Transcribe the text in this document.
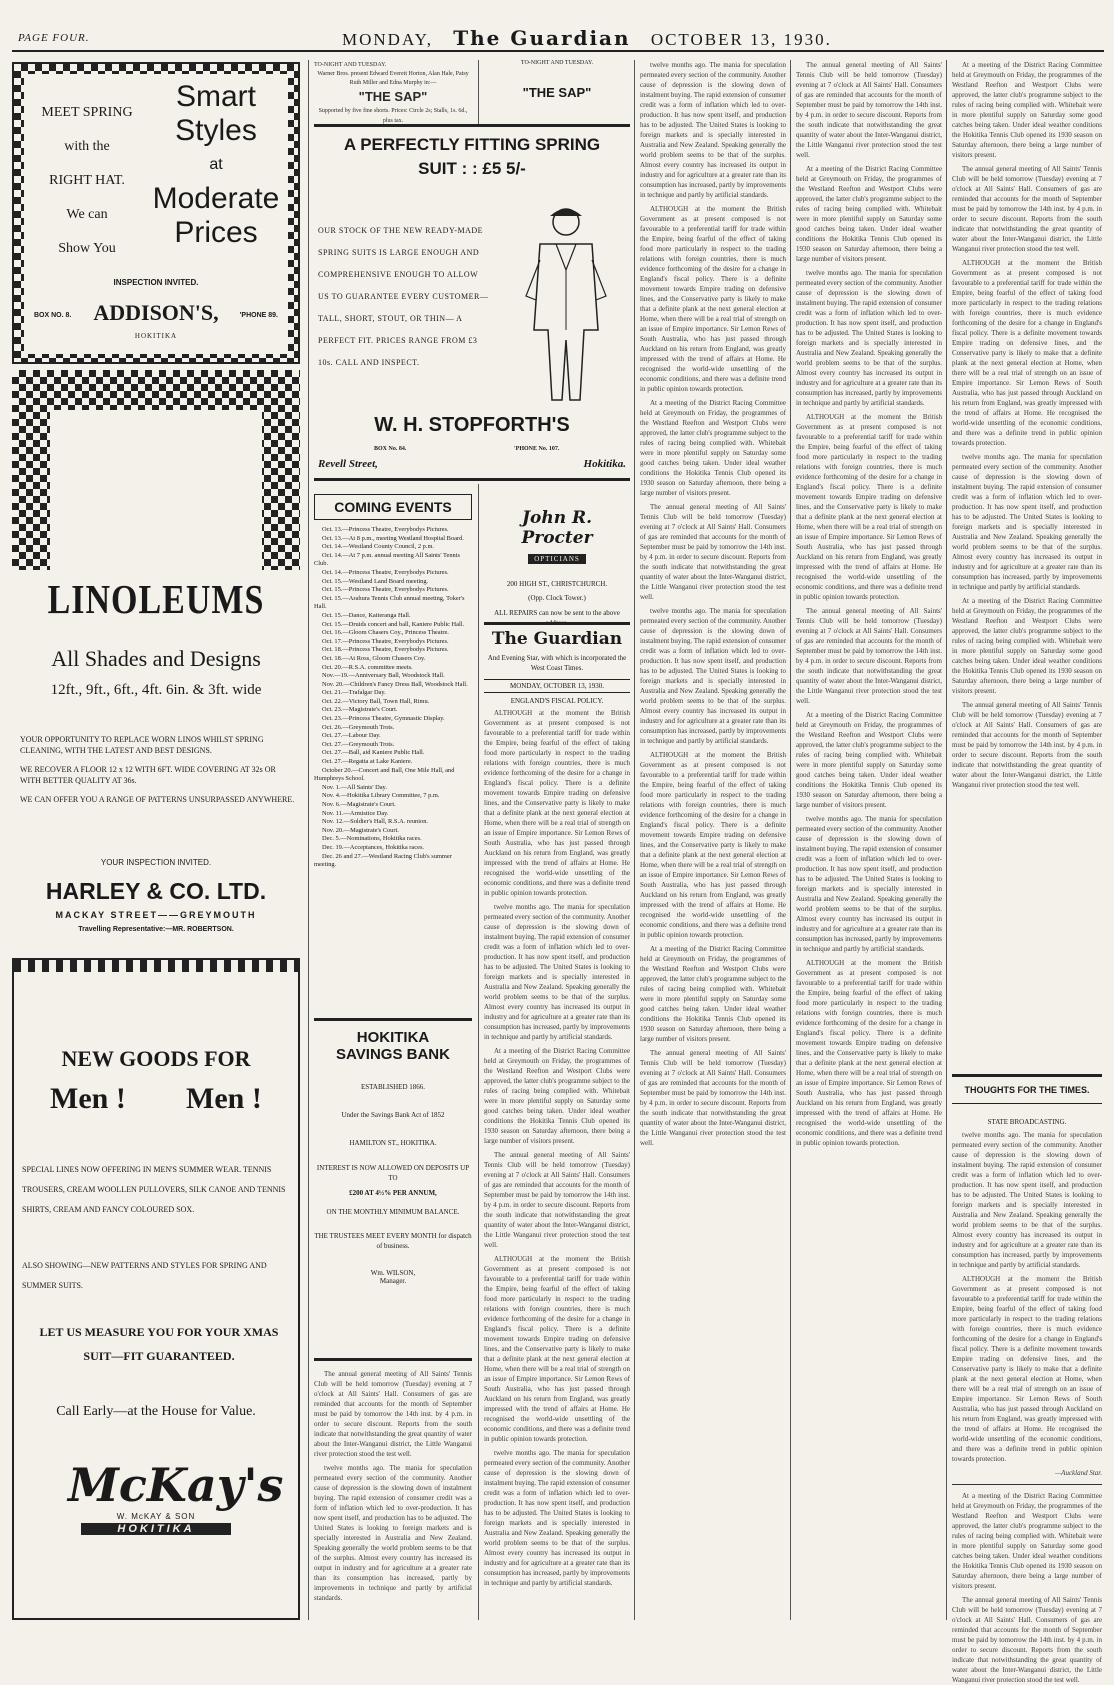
PAGE FOUR.	MONDAY, The Guardian OCTOBER 13, 1930.
MEET SPRING
with the
RIGHT HAT.
We can
Show You
Smart
Styles
at
Moderate
Prices
INSPECTION INVITED.
BOX NO. 8.	ADDISON'S,	'PHONE 89.
HOKITIKA
LINOLEUMS
All Shades and Designs
12ft., 9ft., 6ft., 4ft. 6in. & 3ft. wide

YOUR OPPORTUNITY TO REPLACE WORN LINOS WHILST SPRING CLEANING, WITH THE LATEST AND BEST DESIGNS.

WE RECOVER A FLOOR 12 x 12 WITH 6FT. WIDE COVERING AT 32s OR WITH BETTER QUALITY AT 36s.

WE CAN OFFER YOU A RANGE OF PATTERNS UNSURPASSED ANYWHERE.

YOUR INSPECTION INVITED.
HARLEY & CO. LTD.
MACKAY STREET——GREYMOUTH
Travelling Representative:—MR. ROBERTSON.
NEW GOODS FOR
Men ! Men !
SPECIAL LINES NOW OFFERING IN MEN'S SUMMER WEAR. TENNIS TROUSERS, CREAM WOOLLEN PULLOVERS, SILK CANOE AND TENNIS SHIRTS, CREAM AND FANCY COLOURED SOX.
ALSO SHOWING—NEW PATTERNS AND STYLES FOR SPRING AND SUMMER SUITS.
LET US MEASURE YOU FOR YOUR XMAS SUIT—FIT GUARANTEED.
Call Early—at the House for Value.
McKay's
W. McKAY & SON
HOKITIKA
TO-NIGHT AND TUESDAY.
Warner Bros. present Edward Everett Horton, Alan Hale, Patsy Ruth Miller and Edna Murphy in:—
"THE SAP"
Supported by five fine shorts. Prices: Circle 2s; Stalls, 1s. 6d., plus tax.
TO-NIGHT AND TUESDAY.
"THE SAP"
A PERFECTLY FITTING SPRING
SUIT : : £5 5/-
OUR STOCK OF THE NEW READY-MADE SPRING SUITS IS LARGE ENOUGH AND COMPREHENSIVE ENOUGH TO ALLOW US TO GUARANTEE EVERY CUSTOMER—TALL, SHORT, STOUT, OR THIN— A PERFECT FIT. PRICES RANGE FROM £3 10s. CALL AND INSPECT.
W. H. STOPFORTH'S
BOX No. 84.	'PHONE No. 107.
Revell Street,	Hokitika.
COMING EVENTS
Oct. 13.—Princess Theatre, Everybodys Pictures.
Oct. 13.—At 8 p.m., meeting Westland Hospital Board.
Oct. 14.—Westland County Council, 2 p.m.
Oct. 14.—At 7 p.m. annual meeting All Saints' Tennis Club.
Oct. 14.—Princess Theatre, Everybodys Pictures.
Oct. 15.—Westland Land Board meeting.
Oct. 15.—Princess Theatre, Everybodys Pictures.
Oct. 15.—Arahura Tennis Club annual meeting, Toker's Hall.
Oct. 15.—Dance, Kaiteranga Hall.
Oct. 15.—Druids concert and ball, Kaniere Public Hall.
Oct. 16.—Gloom Chasers Coy., Princess Theatre.
Oct. 17.—Princess Theatre, Everybodys Pictures.
Oct. 18.—Princess Theatre, Everybodys Pictures.
Oct. 18.—At Ross, Gloom Chasers Coy.
Oct. 20.—R.S.A. committee meets.
Nov.—19.—Anniversary Ball, Woodstock Hall.
Nov. 20.—Children's Fancy Dress Ball, Woodstock Hall.
Oct. 21.—Trafalgar Day.
Oct. 22.—Victory Ball, Town Hall, Rimu.
Oct. 23.—Magistrate's Court.
Oct. 23.—Princess Theatre, Gymnastic Display.
Oct. 26.—Greymouth Trots.
Oct. 27.—Labour Day.
Oct. 27.—Greymouth Trots.
Oct. 27.—Ball, aid Kaniere Public Hall.
Oct. 27.—Regatta at Lake Kaniere.
October 20.—Concert and Ball, One Mile Hall, and Humphreys School.
Nov. 1.—All Saints' Day.
Nov. 4.—Hokitika Library Committee, 7 p.m.
Nov. 6.—Magistrate's Court.
Nov. 11.—Armistice Day.
Nov. 12.—Soldier's Hall, R.S.A. reunion.
Nov. 20.—Magistrate's Court.
Dec. 5.—Nominations, Hokitika races.
Dec. 19.—Acceptances, Hokitika races.
Dec. 26 and 27.—Westland Racing Club's summer meeting.
HOKITIKA
SAVINGS BANK
ESTABLISHED 1866.
Under the Savings Bank Act of 1852
HAMILTON ST., HOKITIKA.
INTEREST IS NOW ALLOWED ON DEPOSITS UP TO
£200 AT 4½% PER ANNUM,
ON THE MONTHLY MINIMUM BALANCE.
THE TRUSTEES MEET EVERY MONTH for dispatch of business.
Wm. WILSON,
Manager.

The annual general meeting of All Saints' Tennis Club will be held tomorrow (Tuesday) evening at 7 o'clock at All Saints' Hall. Consumers of gas are reminded that accounts for the month of September must be paid by tomorrow the 14th inst. by 4 p.m. in order to secure discount. Reports from the south indicate that notwithstanding the great quantity of water about the Inter-Wanganui district, the Little Wanganui river protection stood the test well.

twelve months ago. The mania for speculation permeated every section of the community. Another cause of depression is the slowing down of instalment buying. The rapid extension of consumer credit was a form of inflation which led to over-production. It has now spent itself, and production has to be adjusted. The United States is looking to foreign markets and is specially interested in Australia and New Zealand. Speaking generally the world problem seems to be that of the surplus. Almost every country has increased its output in industry and for agriculture at a greater rate than its consumption has increased, partly by improvements in technique and partly by artificial standards.

John R. Procter
OPTICIANS
200 HIGH ST., CHRISTCHURCH.
(Opp. Clock Tower.)
ALL REPAIRS can now be sent to the above address.
The Guardian
And Evening Star, with which is incorporated the West Coast Times.
MONDAY, OCTOBER 13, 1930.
ENGLAND'S FISCAL POLICY.

ALTHOUGH at the moment the British Government as at present composed is not favourable to a preferential tariff for trade within the Empire, being fearful of the effect of taking food more particularly in respect to the trading relations with foreign countries, there is much evidence forthcoming of the desire for a change in England's fiscal policy. There is a definite movement towards Empire trading on defensive lines, and the Conservative party is likely to make that a definite plank at the next general election at Home, when there will be a real trial of strength on an issue of Empire importance. Sir Lemon Rews of South Australia, who has just passed through Auckland on his return from England, was greatly impressed with the trend of affairs at Home. He recognised the world-wide unsettling of the economic conditions, and there was a definite trend in public opinion towards protection.

twelve months ago. The mania for speculation permeated every section of the community. Another cause of depression is the slowing down of instalment buying. The rapid extension of consumer credit was a form of inflation which led to over-production. It has now spent itself, and production has to be adjusted. The United States is looking to foreign markets and is specially interested in Australia and New Zealand. Speaking generally the world problem seems to be that of the surplus. Almost every country has increased its output in industry and for agriculture at a greater rate than its consumption has increased, partly by improvements in technique and partly by artificial standards.

At a meeting of the District Racing Committee held at Greymouth on Friday, the programmes of the Westland Reefton and Westport Clubs were approved, the latter club's programme subject to the rules of racing being complied with. Whitebait were in more plentiful supply on Saturday some good catches being taken. Under ideal weather conditions the Hokitika Tennis Club opened its 1930 season on Saturday afternoon, there being a large number of visitors present.

The annual general meeting of All Saints' Tennis Club will be held tomorrow (Tuesday) evening at 7 o'clock at All Saints' Hall. Consumers of gas are reminded that accounts for the month of September must be paid by tomorrow the 14th inst. by 4 p.m. in order to secure discount. Reports from the south indicate that notwithstanding the great quantity of water about the Inter-Wanganui district, the Little Wanganui river protection stood the test well.

ALTHOUGH at the moment the British Government as at present composed is not favourable to a preferential tariff for trade within the Empire, being fearful of the effect of taking food more particularly in respect to the trading relations with foreign countries, there is much evidence forthcoming of the desire for a change in England's fiscal policy. There is a definite movement towards Empire trading on defensive lines, and the Conservative party is likely to make that a definite plank at the next general election at Home, when there will be a real trial of strength on an issue of Empire importance. Sir Lemon Rews of South Australia, who has just passed through Auckland on his return from England, was greatly impressed with the trend of affairs at Home. He recognised the world-wide unsettling of the economic conditions, and there was a definite trend in public opinion towards protection.

twelve months ago. The mania for speculation permeated every section of the community. Another cause of depression is the slowing down of instalment buying. The rapid extension of consumer credit was a form of inflation which led to over-production. It has now spent itself, and production has to be adjusted. The United States is looking to foreign markets and is specially interested in Australia and New Zealand. Speaking generally the world problem seems to be that of the surplus. Almost every country has increased its output in industry and for agriculture at a greater rate than its consumption has increased, partly by improvements in technique and partly by artificial standards.

twelve months ago. The mania for speculation permeated every section of the community. Another cause of depression is the slowing down of instalment buying. The rapid extension of consumer credit was a form of inflation which led to over-production. It has now spent itself, and production has to be adjusted. The United States is looking to foreign markets and is specially interested in Australia and New Zealand. Speaking generally the world problem seems to be that of the surplus. Almost every country has increased its output in industry and for agriculture at a greater rate than its consumption has increased, partly by improvements in technique and partly by artificial standards.

ALTHOUGH at the moment the British Government as at present composed is not favourable to a preferential tariff for trade within the Empire, being fearful of the effect of taking food more particularly in respect to the trading relations with foreign countries, there is much evidence forthcoming of the desire for a change in England's fiscal policy. There is a definite movement towards Empire trading on defensive lines, and the Conservative party is likely to make that a definite plank at the next general election at Home, when there will be a real trial of strength on an issue of Empire importance. Sir Lemon Rews of South Australia, who has just passed through Auckland on his return from England, was greatly impressed with the trend of affairs at Home. He recognised the world-wide unsettling of the economic conditions, and there was a definite trend in public opinion towards protection.

At a meeting of the District Racing Committee held at Greymouth on Friday, the programmes of the Westland Reefton and Westport Clubs were approved, the latter club's programme subject to the rules of racing being complied with. Whitebait were in more plentiful supply on Saturday some good catches being taken. Under ideal weather conditions the Hokitika Tennis Club opened its 1930 season on Saturday afternoon, there being a large number of visitors present.

The annual general meeting of All Saints' Tennis Club will be held tomorrow (Tuesday) evening at 7 o'clock at All Saints' Hall. Consumers of gas are reminded that accounts for the month of September must be paid by tomorrow the 14th inst. by 4 p.m. in order to secure discount. Reports from the south indicate that notwithstanding the great quantity of water about the Inter-Wanganui district, the Little Wanganui river protection stood the test well.

twelve months ago. The mania for speculation permeated every section of the community. Another cause of depression is the slowing down of instalment buying. The rapid extension of consumer credit was a form of inflation which led to over-production. It has now spent itself, and production has to be adjusted. The United States is looking to foreign markets and is specially interested in Australia and New Zealand. Speaking generally the world problem seems to be that of the surplus. Almost every country has increased its output in industry and for agriculture at a greater rate than its consumption has increased, partly by improvements in technique and partly by artificial standards.

ALTHOUGH at the moment the British Government as at present composed is not favourable to a preferential tariff for trade within the Empire, being fearful of the effect of taking food more particularly in respect to the trading relations with foreign countries, there is much evidence forthcoming of the desire for a change in England's fiscal policy. There is a definite movement towards Empire trading on defensive lines, and the Conservative party is likely to make that a definite plank at the next general election at Home, when there will be a real trial of strength on an issue of Empire importance. Sir Lemon Rews of South Australia, who has just passed through Auckland on his return from England, was greatly impressed with the trend of affairs at Home. He recognised the world-wide unsettling of the economic conditions, and there was a definite trend in public opinion towards protection.

At a meeting of the District Racing Committee held at Greymouth on Friday, the programmes of the Westland Reefton and Westport Clubs were approved, the latter club's programme subject to the rules of racing being complied with. Whitebait were in more plentiful supply on Saturday some good catches being taken. Under ideal weather conditions the Hokitika Tennis Club opened its 1930 season on Saturday afternoon, there being a large number of visitors present.

The annual general meeting of All Saints' Tennis Club will be held tomorrow (Tuesday) evening at 7 o'clock at All Saints' Hall. Consumers of gas are reminded that accounts for the month of September must be paid by tomorrow the 14th inst. by 4 p.m. in order to secure discount. Reports from the south indicate that notwithstanding the great quantity of water about the Inter-Wanganui district, the Little Wanganui river protection stood the test well.

The annual general meeting of All Saints' Tennis Club will be held tomorrow (Tuesday) evening at 7 o'clock at All Saints' Hall. Consumers of gas are reminded that accounts for the month of September must be paid by tomorrow the 14th inst. by 4 p.m. in order to secure discount. Reports from the south indicate that notwithstanding the great quantity of water about the Inter-Wanganui district, the Little Wanganui river protection stood the test well.

At a meeting of the District Racing Committee held at Greymouth on Friday, the programmes of the Westland Reefton and Westport Clubs were approved, the latter club's programme subject to the rules of racing being complied with. Whitebait were in more plentiful supply on Saturday some good catches being taken. Under ideal weather conditions the Hokitika Tennis Club opened its 1930 season on Saturday afternoon, there being a large number of visitors present.

twelve months ago. The mania for speculation permeated every section of the community. Another cause of depression is the slowing down of instalment buying. The rapid extension of consumer credit was a form of inflation which led to over-production. It has now spent itself, and production has to be adjusted. The United States is looking to foreign markets and is specially interested in Australia and New Zealand. Speaking generally the world problem seems to be that of the surplus. Almost every country has increased its output in industry and for agriculture at a greater rate than its consumption has increased, partly by improvements in technique and partly by artificial standards.

ALTHOUGH at the moment the British Government as at present composed is not favourable to a preferential tariff for trade within the Empire, being fearful of the effect of taking food more particularly in respect to the trading relations with foreign countries, there is much evidence forthcoming of the desire for a change in England's fiscal policy. There is a definite movement towards Empire trading on defensive lines, and the Conservative party is likely to make that a definite plank at the next general election at Home, when there will be a real trial of strength on an issue of Empire importance. Sir Lemon Rews of South Australia, who has just passed through Auckland on his return from England, was greatly impressed with the trend of affairs at Home. He recognised the world-wide unsettling of the economic conditions, and there was a definite trend in public opinion towards protection.

The annual general meeting of All Saints' Tennis Club will be held tomorrow (Tuesday) evening at 7 o'clock at All Saints' Hall. Consumers of gas are reminded that accounts for the month of September must be paid by tomorrow the 14th inst. by 4 p.m. in order to secure discount. Reports from the south indicate that notwithstanding the great quantity of water about the Inter-Wanganui district, the Little Wanganui river protection stood the test well.

At a meeting of the District Racing Committee held at Greymouth on Friday, the programmes of the Westland Reefton and Westport Clubs were approved, the latter club's programme subject to the rules of racing being complied with. Whitebait were in more plentiful supply on Saturday some good catches being taken. Under ideal weather conditions the Hokitika Tennis Club opened its 1930 season on Saturday afternoon, there being a large number of visitors present.

twelve months ago. The mania for speculation permeated every section of the community. Another cause of depression is the slowing down of instalment buying. The rapid extension of consumer credit was a form of inflation which led to over-production. It has now spent itself, and production has to be adjusted. The United States is looking to foreign markets and is specially interested in Australia and New Zealand. Speaking generally the world problem seems to be that of the surplus. Almost every country has increased its output in industry and for agriculture at a greater rate than its consumption has increased, partly by improvements in technique and partly by artificial standards.

ALTHOUGH at the moment the British Government as at present composed is not favourable to a preferential tariff for trade within the Empire, being fearful of the effect of taking food more particularly in respect to the trading relations with foreign countries, there is much evidence forthcoming of the desire for a change in England's fiscal policy. There is a definite movement towards Empire trading on defensive lines, and the Conservative party is likely to make that a definite plank at the next general election at Home, when there will be a real trial of strength on an issue of Empire importance. Sir Lemon Rews of South Australia, who has just passed through Auckland on his return from England, was greatly impressed with the trend of affairs at Home. He recognised the world-wide unsettling of the economic conditions, and there was a definite trend in public opinion towards protection.

At a meeting of the District Racing Committee held at Greymouth on Friday, the programmes of the Westland Reefton and Westport Clubs were approved, the latter club's programme subject to the rules of racing being complied with. Whitebait were in more plentiful supply on Saturday some good catches being taken. Under ideal weather conditions the Hokitika Tennis Club opened its 1930 season on Saturday afternoon, there being a large number of visitors present.

The annual general meeting of All Saints' Tennis Club will be held tomorrow (Tuesday) evening at 7 o'clock at All Saints' Hall. Consumers of gas are reminded that accounts for the month of September must be paid by tomorrow the 14th inst. by 4 p.m. in order to secure discount. Reports from the south indicate that notwithstanding the great quantity of water about the Inter-Wanganui district, the Little Wanganui river protection stood the test well.

ALTHOUGH at the moment the British Government as at present composed is not favourable to a preferential tariff for trade within the Empire, being fearful of the effect of taking food more particularly in respect to the trading relations with foreign countries, there is much evidence forthcoming of the desire for a change in England's fiscal policy. There is a definite movement towards Empire trading on defensive lines, and the Conservative party is likely to make that a definite plank at the next general election at Home, when there will be a real trial of strength on an issue of Empire importance. Sir Lemon Rews of South Australia, who has just passed through Auckland on his return from England, was greatly impressed with the trend of affairs at Home. He recognised the world-wide unsettling of the economic conditions, and there was a definite trend in public opinion towards protection.

twelve months ago. The mania for speculation permeated every section of the community. Another cause of depression is the slowing down of instalment buying. The rapid extension of consumer credit was a form of inflation which led to over-production. It has now spent itself, and production has to be adjusted. The United States is looking to foreign markets and is specially interested in Australia and New Zealand. Speaking generally the world problem seems to be that of the surplus. Almost every country has increased its output in industry and for agriculture at a greater rate than its consumption has increased, partly by improvements in technique and partly by artificial standards.

At a meeting of the District Racing Committee held at Greymouth on Friday, the programmes of the Westland Reefton and Westport Clubs were approved, the latter club's programme subject to the rules of racing being complied with. Whitebait were in more plentiful supply on Saturday some good catches being taken. Under ideal weather conditions the Hokitika Tennis Club opened its 1930 season on Saturday afternoon, there being a large number of visitors present.

The annual general meeting of All Saints' Tennis Club will be held tomorrow (Tuesday) evening at 7 o'clock at All Saints' Hall. Consumers of gas are reminded that accounts for the month of September must be paid by tomorrow the 14th inst. by 4 p.m. in order to secure discount. Reports from the south indicate that notwithstanding the great quantity of water about the Inter-Wanganui district, the Little Wanganui river protection stood the test well.

THOUGHTS FOR THE TIMES.
STATE BROADCASTING.

twelve months ago. The mania for speculation permeated every section of the community. Another cause of depression is the slowing down of instalment buying. The rapid extension of consumer credit was a form of inflation which led to over-production. It has now spent itself, and production has to be adjusted. The United States is looking to foreign markets and is specially interested in Australia and New Zealand. Speaking generally the world problem seems to be that of the surplus. Almost every country has increased its output in industry and for agriculture at a greater rate than its consumption has increased, partly by improvements in technique and partly by artificial standards.

ALTHOUGH at the moment the British Government as at present composed is not favourable to a preferential tariff for trade within the Empire, being fearful of the effect of taking food more particularly in respect to the trading relations with foreign countries, there is much evidence forthcoming of the desire for a change in England's fiscal policy. There is a definite movement towards Empire trading on defensive lines, and the Conservative party is likely to make that a definite plank at the next general election at Home, when there will be a real trial of strength on an issue of Empire importance. Sir Lemon Rews of South Australia, who has just passed through Auckland on his return from England, was greatly impressed with the trend of affairs at Home. He recognised the world-wide unsettling of the economic conditions, and there was a definite trend in public opinion towards protection.

—Auckland Star.

At a meeting of the District Racing Committee held at Greymouth on Friday, the programmes of the Westland Reefton and Westport Clubs were approved, the latter club's programme subject to the rules of racing being complied with. Whitebait were in more plentiful supply on Saturday some good catches being taken. Under ideal weather conditions the Hokitika Tennis Club opened its 1930 season on Saturday afternoon, there being a large number of visitors present.

The annual general meeting of All Saints' Tennis Club will be held tomorrow (Tuesday) evening at 7 o'clock at All Saints' Hall. Consumers of gas are reminded that accounts for the month of September must be paid by tomorrow the 14th inst. by 4 p.m. in order to secure discount. Reports from the south indicate that notwithstanding the great quantity of water about the Inter-Wanganui district, the Little Wanganui river protection stood the test well.
